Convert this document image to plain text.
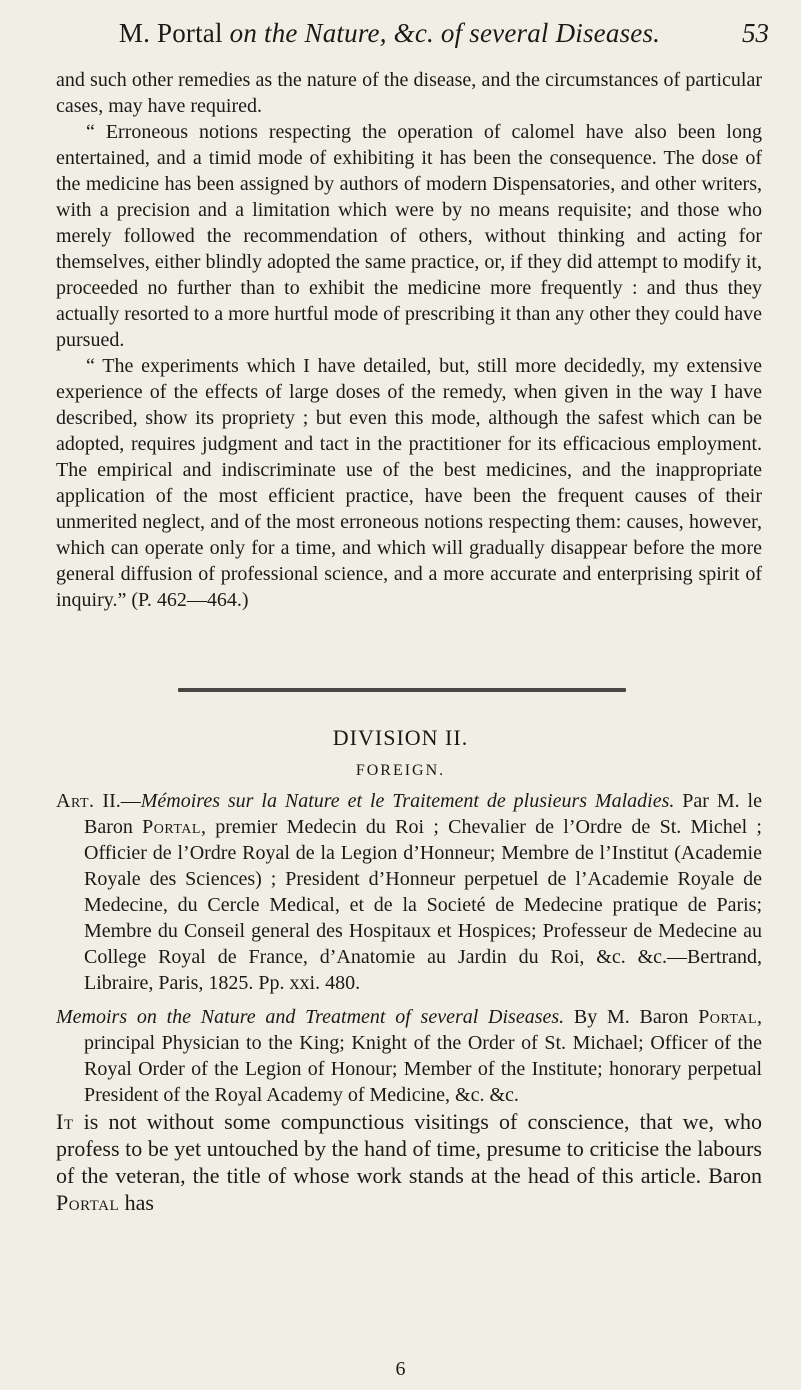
M. Portal on the Nature, &c. of several Diseases.	53

and such other remedies as the nature of the disease, and the circumstances of particular cases, may have required.

“ Erroneous notions respecting the operation of calomel have also been long entertained, and a timid mode of exhibiting it has been the consequence. The dose of the medicine has been assigned by authors of modern Dispensatories, and other writers, with a precision and a limitation which were by no means requisite; and those who merely followed the recommendation of others, without thinking and acting for themselves, either blindly adopted the same practice, or, if they did attempt to modify it, proceeded no further than to exhibit the medicine more frequently : and thus they actually resorted to a more hurtful mode of prescribing it than any other they could have pursued.

“ The experiments which I have detailed, but, still more decidedly, my extensive experience of the effects of large doses of the remedy, when given in the way I have described, show its propriety ; but even this mode, although the safest which can be adopted, requires judgment and tact in the practitioner for its efficacious employment. The empirical and indiscriminate use of the best medicines, and the inappropriate application of the most efficient practice, have been the frequent causes of their unmerited neglect, and of the most erroneous notions respecting them: causes, however, which can operate only for a time, and which will gradually disappear before the more general diffusion of professional science, and a more accurate and enterprising spirit of inquiry.” (P. 462—464.)

DIVISION II.
FOREIGN.

Art. II.—Mémoires sur la Nature et le Traitement de plusieurs Maladies. Par M. le Baron Portal, premier Medecin du Roi ; Chevalier de l’Ordre de St. Michel ; Officier de l’Ordre Royal de la Legion d’Honneur; Membre de l’Institut (Academie Royale des Sciences) ; President d’Honneur perpetuel de l’Academie Royale de Medecine, du Cercle Medical, et de la Societé de Medecine pratique de Paris; Membre du Conseil general des Hospitaux et Hospices; Professeur de Medecine au College Royal de France, d’Anatomie au Jardin du Roi, &c. &c.—Bertrand, Libraire, Paris, 1825. Pp. xxi. 480.

Memoirs on the Nature and Treatment of several Diseases. By M. Baron Portal, principal Physician to the King; Knight of the Order of St. Michael; Officer of the Royal Order of the Legion of Honour; Member of the Institute; honorary perpetual President of the Royal Academy of Medicine, &c. &c.

It is not without some compunctious visitings of conscience, that we, who profess to be yet untouched by the hand of time, presume to criticise the labours of the veteran, the title of whose work stands at the head of this article. Baron Portal has

6
